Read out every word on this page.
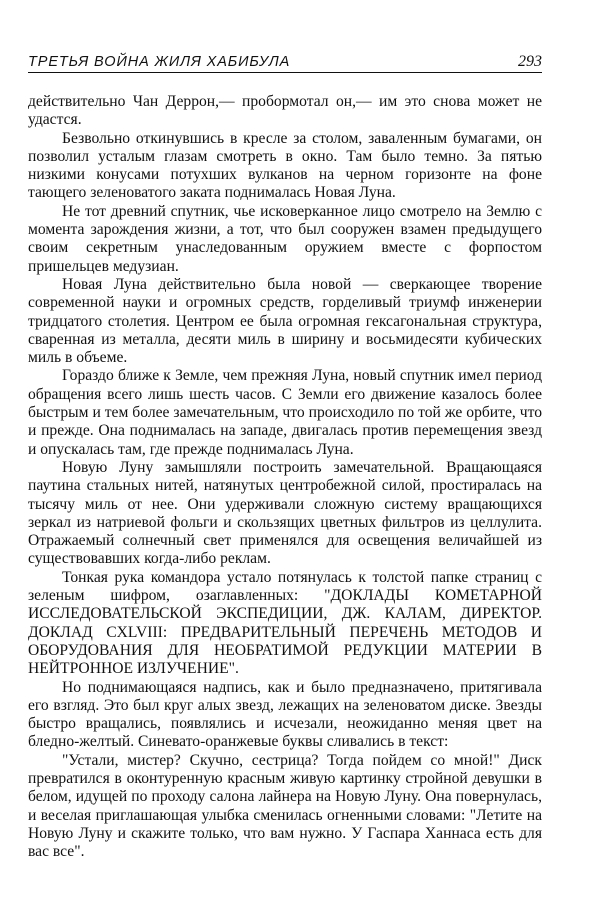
ТРЕТЬЯ ВОЙНА ЖИЛЯ ХАБИБУЛА	293

действительно Чан Деррон,— пробормотал он,— им это снова может не удастся.

Безвольно откинувшись в кресле за столом, заваленным бумагами, он позволил усталым глазам смотреть в окно. Там было темно. За пятью низкими конусами потухших вулканов на черном горизонте на фоне тающего зеленоватого заката поднималась Новая Луна.

Не тот древний спутник, чье исковерканное лицо смотрело на Землю с момента зарождения жизни, а тот, что был сооружен взамен предыдущего своим секретным унаследованным оружием вместе с форпостом пришельцев медузиан.

Новая Луна действительно была новой — сверкающее творение современной науки и огромных средств, горделивый триумф инженерии тридцатого столетия. Центром ее была огромная гексагональная структура, сваренная из металла, десяти миль в ширину и восьмидесяти кубических миль в объеме.

Гораздо ближе к Земле, чем прежняя Луна, новый спутник имел период обращения всего лишь шесть часов. С Земли его движение казалось более быстрым и тем более замечательным, что происходило по той же орбите, что и прежде. Она поднималась на западе, двигалась против перемещения звезд и опускалась там, где прежде поднималась Луна.

Новую Луну замышляли построить замечательной. Вращающаяся паутина стальных нитей, натянутых центробежной силой, простиралась на тысячу миль от нее. Они удерживали сложную систему вращающихся зеркал из натриевой фольги и скользящих цветных фильтров из целлулита. Отражаемый солнечный свет применялся для освещения величайшей из существовавших когда-либо реклам.

Тонкая рука командора устало потянулась к толстой папке страниц с зеленым шифром, озаглавленных: "ДОКЛАДЫ КОМЕТАРНОЙ ИССЛЕДОВАТЕЛЬСКОЙ ЭКСПЕДИЦИИ, ДЖ. КАЛАМ, ДИРЕКТОР. ДОКЛАД CXLVIII: ПРЕДВАРИТЕЛЬНЫЙ ПЕРЕЧЕНЬ МЕТОДОВ И ОБОРУДОВАНИЯ ДЛЯ НЕОБРАТИМОЙ РЕДУКЦИИ МАТЕРИИ В НЕЙТРОННОЕ ИЗЛУЧЕНИЕ".

Но поднимающаяся надпись, как и было предназначено, притягивала его взгляд. Это был круг алых звезд, лежащих на зеленоватом диске. Звезды быстро вращались, появлялись и исчезали, неожиданно меняя цвет на бледно-желтый. Синевато-оранжевые буквы сливались в текст:

"Устали, мистер? Скучно, сестрица? Тогда пойдем со мной!" Диск превратился в оконтуренную красным живую картинку стройной девушки в белом, идущей по проходу салона лайнера на Новую Луну. Она повернулась, и веселая приглашающая улыбка сменилась огненными словами: "Летите на Новую Луну и скажите только, что вам нужно. У Гаспара Ханнаса есть для вас все".
